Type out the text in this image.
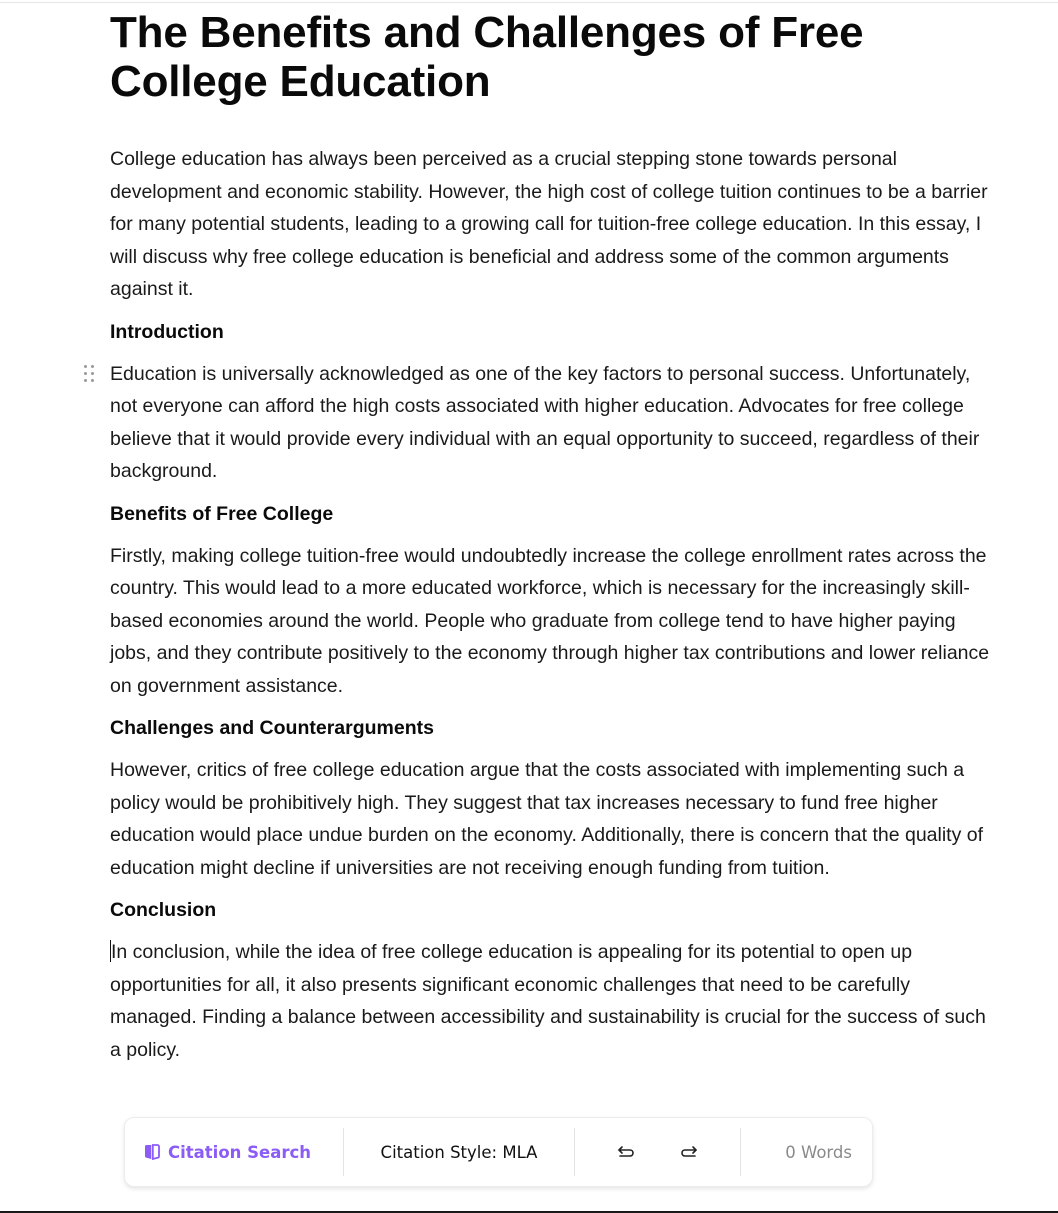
The Benefits and Challenges of Free College Education

College education has always been perceived as a crucial stepping stone towards personal development and economic stability. However, the high cost of college tuition continues to be a barrier for many potential students, leading to a growing call for tuition-free college education. In this essay, I will discuss why free college education is beneficial and address some of the common arguments against it.

Introduction

Education is universally acknowledged as one of the key factors to personal success. Unfortunately, not everyone can afford the high costs associated with higher education. Advocates for free college believe that it would provide every individual with an equal opportunity to succeed, regardless of their background.

Benefits of Free College

Firstly, making college tuition-free would undoubtedly increase the college enrollment rates across the country. This would lead to a more educated workforce, which is necessary for the increasingly skill-based economies around the world. People who graduate from college tend to have higher paying jobs, and they contribute positively to the economy through higher tax contributions and lower reliance on government assistance.

Challenges and Counterarguments

However, critics of free college education argue that the costs associated with implementing such a policy would be prohibitively high. They suggest that tax increases necessary to fund free higher education would place undue burden on the economy. Additionally, there is concern that the quality of education might decline if universities are not receiving enough funding from tuition.

Conclusion

In conclusion, while the idea of free college education is appealing for its potential to open up opportunities for all, it also presents significant economic challenges that need to be carefully managed. Finding a balance between accessibility and sustainability is crucial for the success of such a policy.

Citation Search	Citation Style: MLA	0 Words
